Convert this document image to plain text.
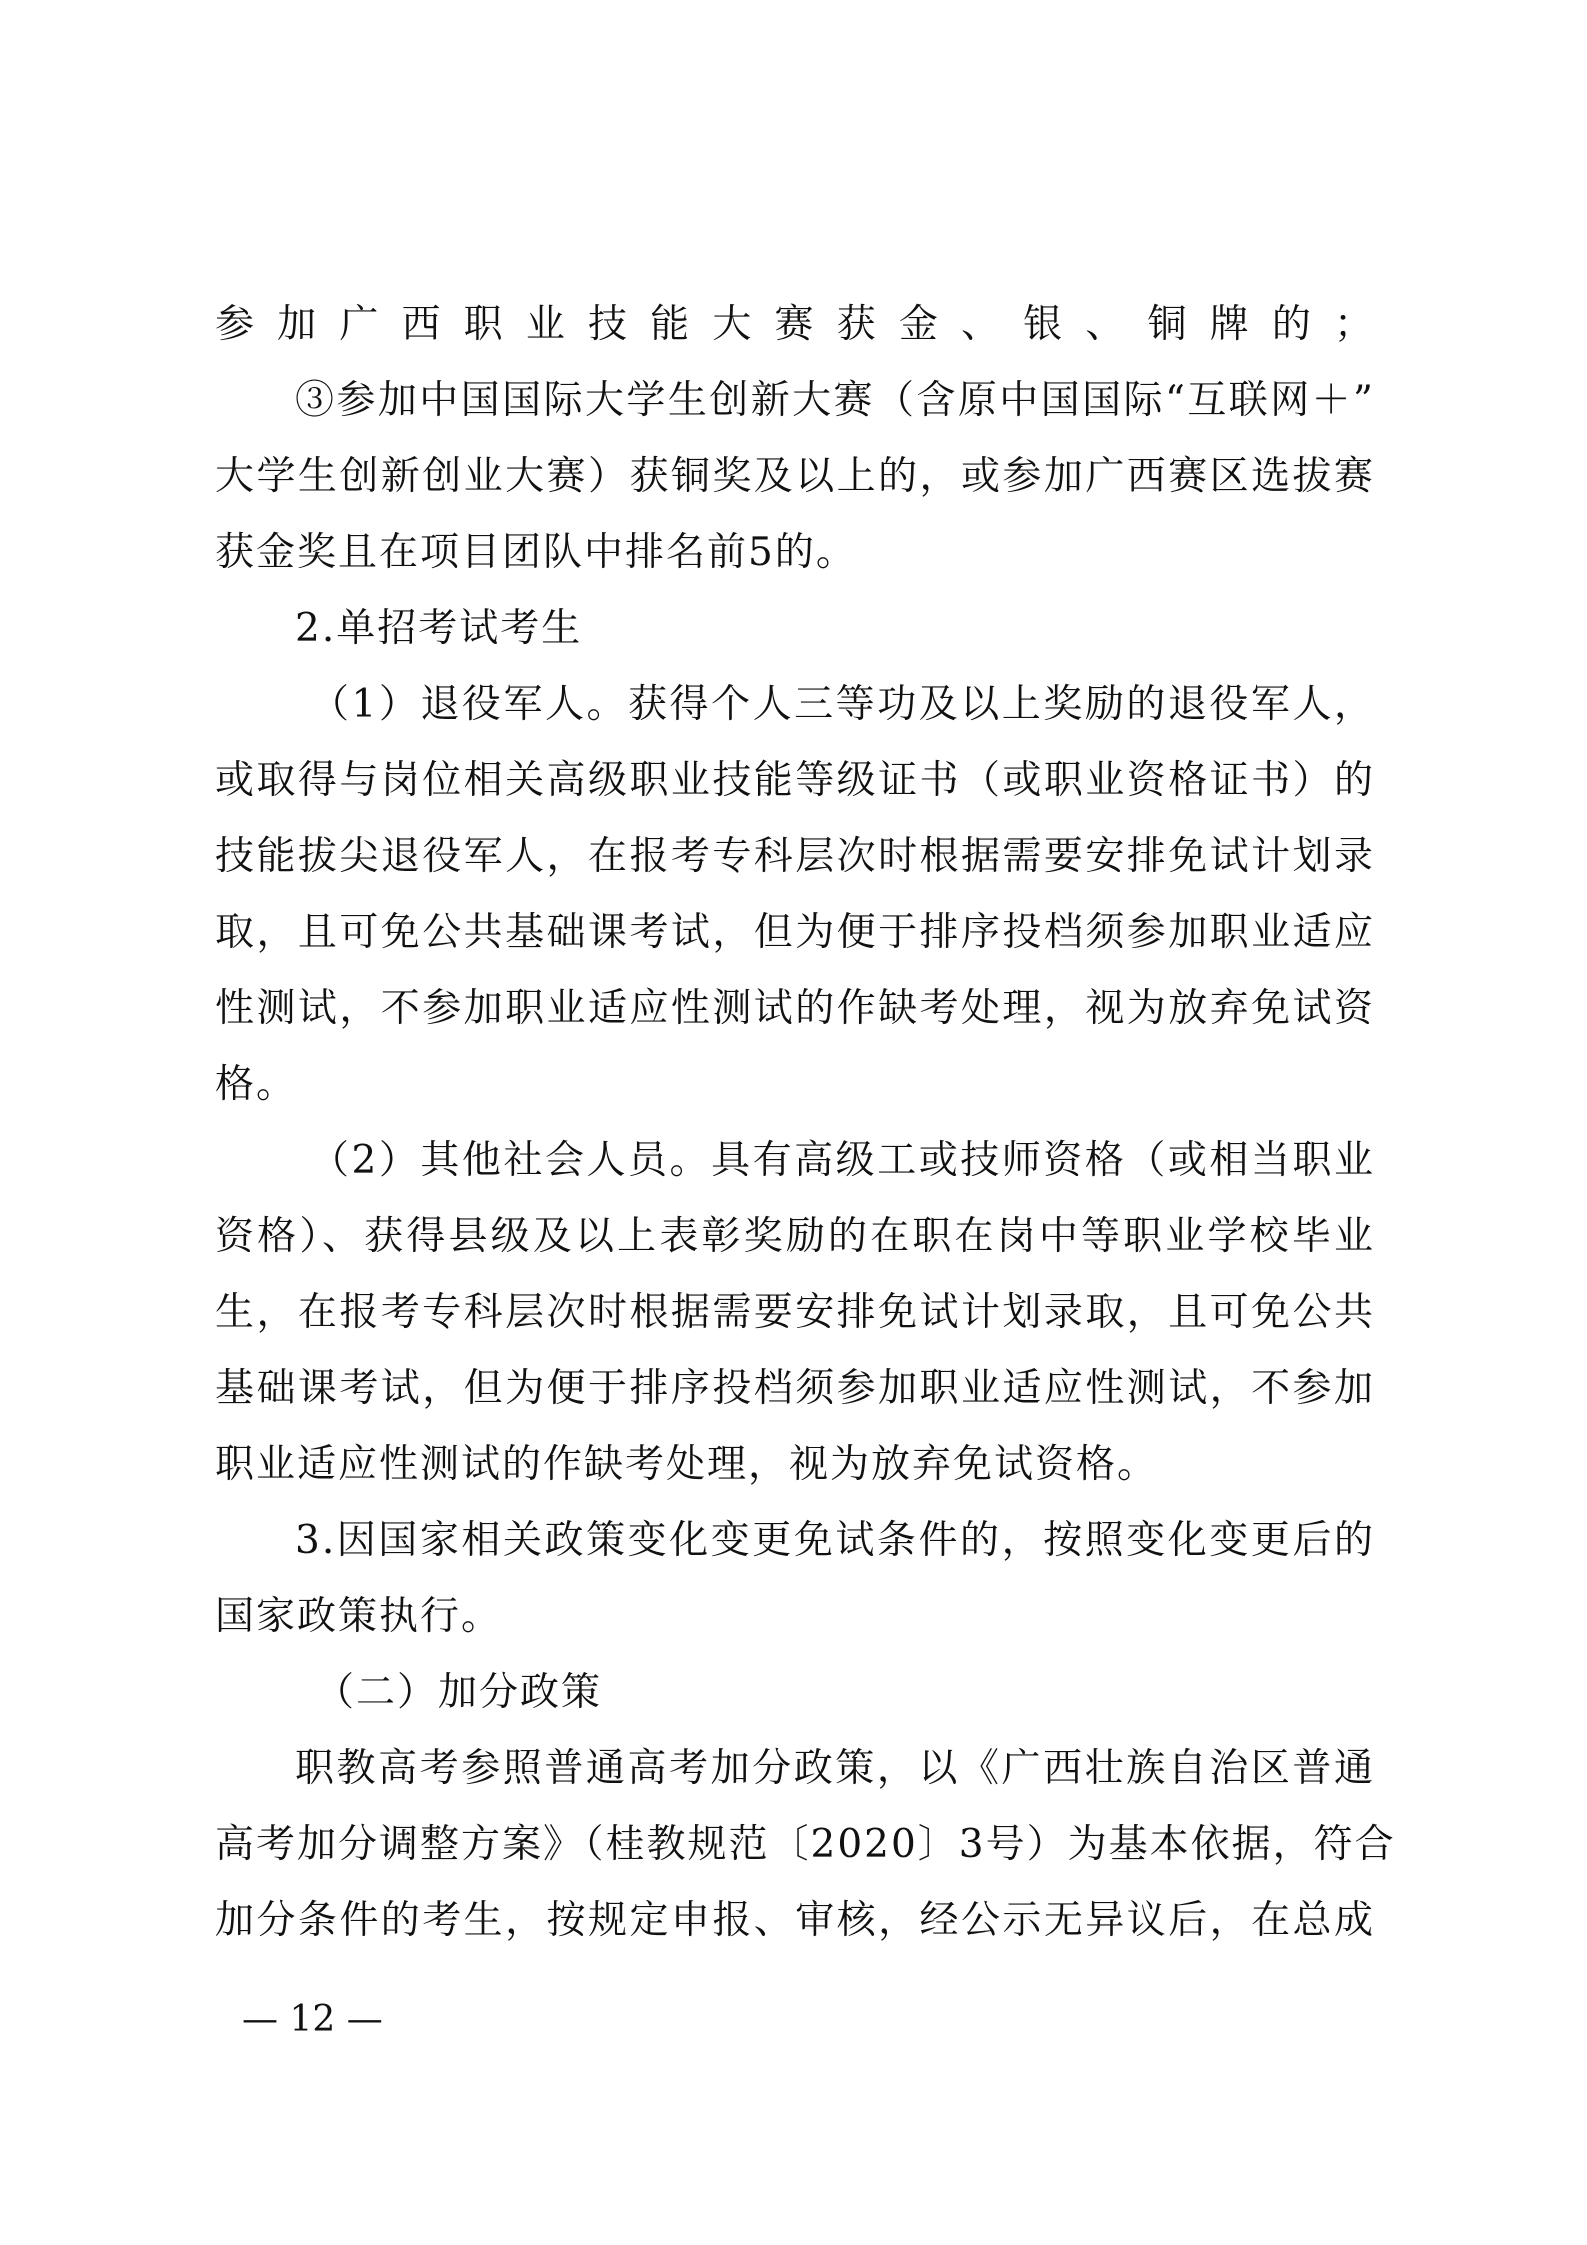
参加广西职业技能大赛获金、银、铜牌的；
③参加中国国际大学生创新大赛（含原中国国际“互联网＋”
大学生创新创业大赛）获铜奖及以上的，或参加广西赛区选拔赛
获金奖且在项目团队中排名前5的。
2.单招考试考生
（1）退役军人。获得个人三等功及以上奖励的退役军人，
或取得与岗位相关高级职业技能等级证书（或职业资格证书）的
技能拔尖退役军人，在报考专科层次时根据需要安排免试计划录
取，且可免公共基础课考试，但为便于排序投档须参加职业适应
性测试，不参加职业适应性测试的作缺考处理，视为放弃免试资
格。
（2）其他社会人员。具有高级工或技师资格（或相当职业
资格）、获得县级及以上表彰奖励的在职在岗中等职业学校毕业
生，在报考专科层次时根据需要安排免试计划录取，且可免公共
基础课考试，但为便于排序投档须参加职业适应性测试，不参加
职业适应性测试的作缺考处理，视为放弃免试资格。
3.因国家相关政策变化变更免试条件的，按照变化变更后的
国家政策执行。
（二）加分政策
职教高考参照普通高考加分政策，以《广西壮族自治区普通
高考加分调整方案》（桂教规范〔2020〕3号）为基本依据，符合
加分条件的考生，按规定申报、审核，经公示无异议后，在总成
— 12 —
